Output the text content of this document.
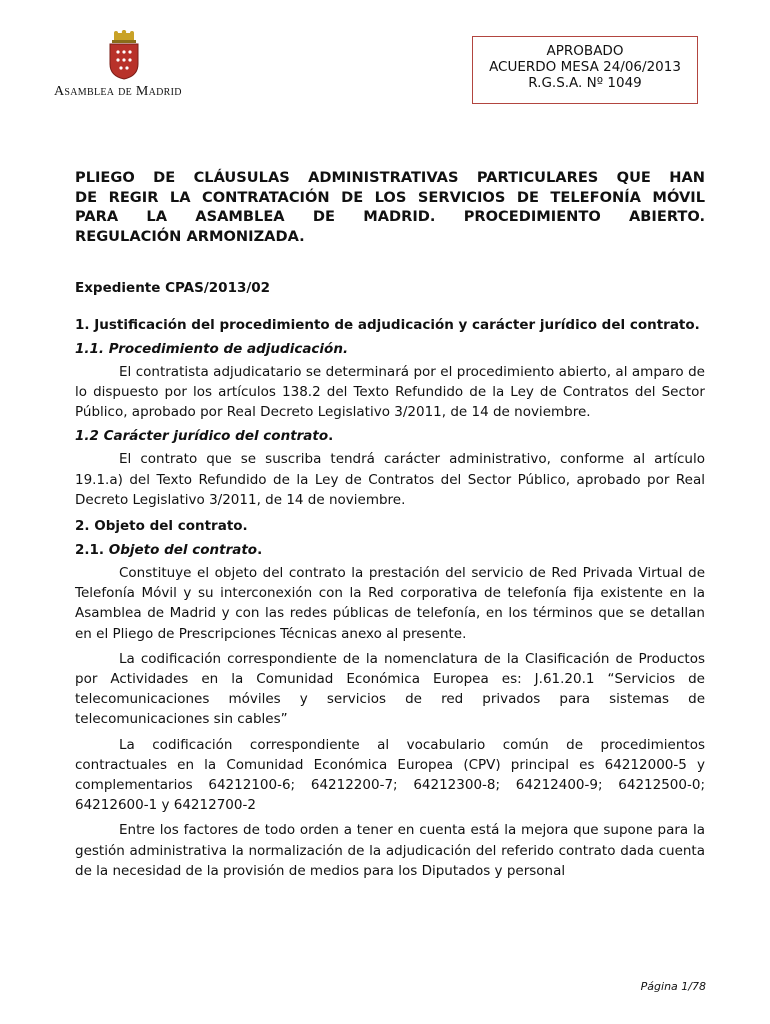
Asamblea de Madrid
APROBADO
ACUERDO MESA 24/06/2013
R.G.S.A. Nº 1049
PLIEGO DE CLÁUSULAS ADMINISTRATIVAS PARTICULARES QUE HAN
DE REGIR LA CONTRATACIÓN DE LOS SERVICIOS DE TELEFONÍA MÓVIL
PARA LA ASAMBLEA DE MADRID. PROCEDIMIENTO ABIERTO.
REGULACIÓN ARMONIZADA.
Expediente CPAS/2013/02
1. Justificación del procedimiento de adjudicación y carácter jurídico del contrato.
1.1. Procedimiento de adjudicación.

El contratista adjudicatario se determinará por el procedimiento abierto, al amparo de lo dispuesto por los artículos 138.2 del Texto Refundido de la Ley de Contratos del Sector Público, aprobado por Real Decreto Legislativo 3/2011, de 14 de noviembre.

1.2 Carácter jurídico del contrato.

El contrato que se suscriba tendrá carácter administrativo, conforme al artículo 19.1.a) del Texto Refundido de la Ley de Contratos del Sector Público, aprobado por Real Decreto Legislativo 3/2011, de 14 de noviembre.

2. Objeto del contrato.
2.1. Objeto del contrato.

Constituye el objeto del contrato la prestación del servicio de Red Privada Virtual de Telefonía Móvil y su interconexión con la Red corporativa de telefonía fija existente en la Asamblea de Madrid y con las redes públicas de telefonía, en los términos que se detallan en el Pliego de Prescripciones Técnicas anexo al presente.

La codificación correspondiente de la nomenclatura de la Clasificación de Productos por Actividades en la Comunidad Económica Europea es: J.61.20.1 “Servicios de telecomunicaciones móviles y servicios de red privados para sistemas de telecomunicaciones sin cables”

La codificación correspondiente al vocabulario común de procedimientos contractuales en la Comunidad Económica Europea (CPV) principal es 64212000-5 y complementarios 64212100-6; 64212200-7; 64212300-8; 64212400-9; 64212500-0; 64212600-1 y 64212700-2

Entre los factores de todo orden a tener en cuenta está la mejora que supone para la gestión administrativa la normalización de la adjudicación del referido contrato dada cuenta de la necesidad de la provisión de medios para los Diputados y personal

Página 1/78
